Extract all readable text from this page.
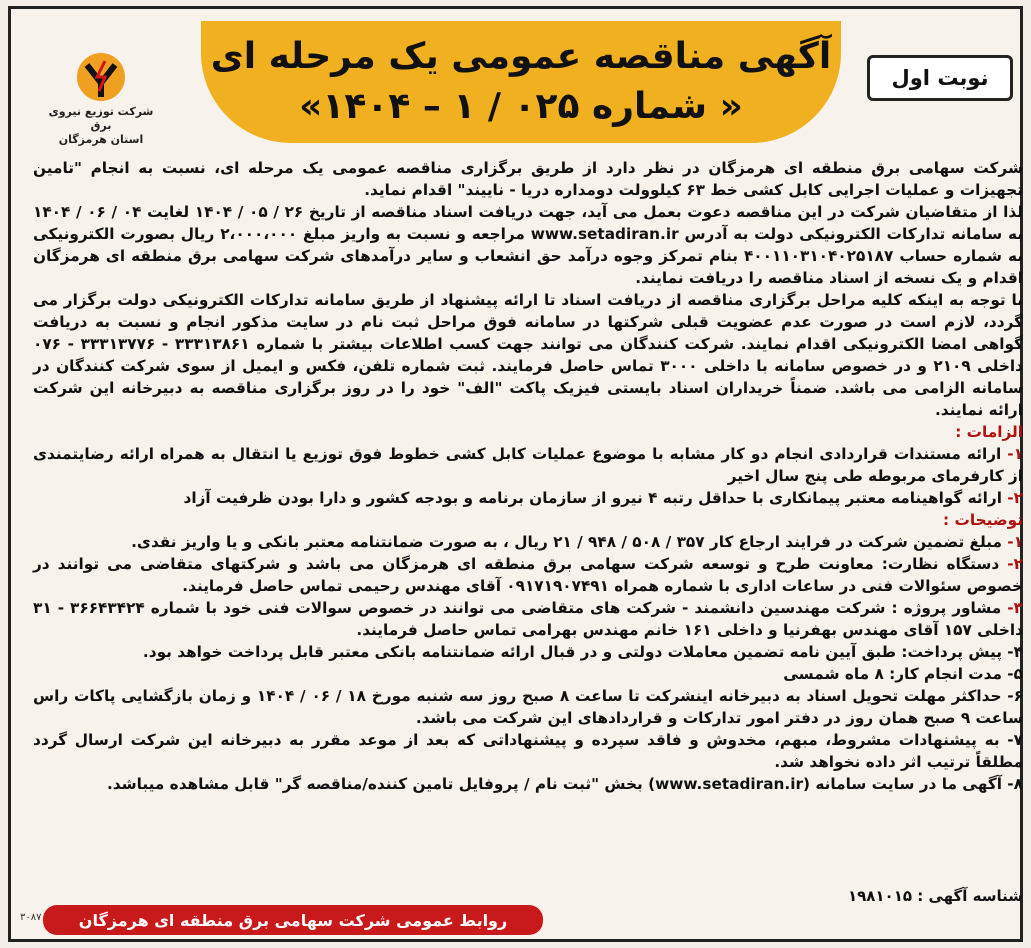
آگهی مناقصه عمومی یک مرحله ای
« شماره ۰۲۵ / ۱ – ۱۴۰۴»
نوبت اول
شرکت توزیع نیروی برق
استان هرمزگان

شرکت سهامی برق منطقه ای هرمزگان در نظر دارد از طریق برگزاری مناقصه عمومی یک مرحله ای، نسبت به انجام "تامین تجهیزات و عملیات اجرایی کابل کشی خط ۶۳ کیلوولت دومداره دریا - ناییند" اقدام نماید.

لذا از متقاضیان شرکت در این مناقصه دعوت بعمل می آید، جهت دریافت اسناد مناقصه از تاریخ ۲۶ / ۰۵ / ۱۴۰۴ لغایت ۰۴ / ۰۶ / ۱۴۰۴ به سامانه تدارکات الکترونیکی دولت به آدرس www.setadiran.ir مراجعه و نسبت به واریز مبلغ ۲،۰۰۰،۰۰۰ ریال بصورت الکترونیکی به شماره حساب ۴۰۰۱۱۰۳۱۰۴۰۲۵۱۸۷ بنام تمرکز وجوه درآمد حق انشعاب و سایر درآمدهای شرکت سهامی برق منطقه ای هرمزگان اقدام و یک نسخه از اسناد مناقصه را دریافت نمایند.

با توجه به اینکه کلیه مراحل برگزاری مناقصه از دریافت اسناد تا ارائه پیشنهاد از طریق سامانه تدارکات الکترونیکی دولت برگزار می گردد، لازم است در صورت عدم عضویت قبلی شرکتها در سامانه فوق مراحل ثبت نام در سایت مذکور انجام و نسبت به دریافت گواهی امضا الکترونیکی اقدام نمایند. شرکت کنندگان می توانند جهت کسب اطلاعات بیشتر با شماره ۳۳۳۱۳۸۶۱ - ۳۳۳۱۳۷۷۶ - ۰۷۶ داخلی ۲۱۰۹ و در خصوص سامانه با داخلی ۳۰۰۰ تماس حاصل فرمایند. ثبت شماره تلفن، فکس و ایمیل از سوی شرکت کنندگان در سامانه الزامی می باشد. ضمناً خریداران اسناد بایستی فیزیک پاکت "الف" خود را در روز برگزاری مناقصه به دبیرخانه این شرکت ارائه نمایند.

الزامات :

۱- ارائه مستندات قراردادی انجام دو کار مشابه با موضوع عملیات کابل کشی خطوط فوق توزیع یا انتقال به همراه ارائه رضایتمندی از کارفرمای مربوطه طی پنج سال اخیر

۲- ارائه گواهینامه معتبر پیمانکاری با حداقل رتبه ۴ نیرو از سازمان برنامه و بودجه کشور و دارا بودن ظرفیت آزاد

توضیحات :

۱- مبلغ تضمین شرکت در فرایند ارجاع کار ۳۵۷ / ۵۰۸ / ۹۴۸ / ۲۱ ریال ، به صورت ضمانتنامه معتبر بانکی و یا واریز نقدی.

۲- دستگاه نظارت: معاونت طرح و توسعه شرکت سهامی برق منطقه ای هرمزگان می باشد و شرکتهای متقاضی می توانند در خصوص سئوالات فنی در ساعات اداری با شماره همراه ۰۹۱۷۱۹۰۷۴۹۱ آقای مهندس رحیمی تماس حاصل فرمایند.

۳- مشاور پروژه : شرکت مهندسین دانشمند - شرکت های متقاضی می توانند در خصوص سوالات فنی خود با شماره ۳۶۶۴۳۴۲۴ - ۳۱ داخلی ۱۵۷ آقای مهندس بهفرنیا و داخلی ۱۶۱ خانم مهندس بهرامی تماس حاصل فرمایند.

۴- پیش پرداخت: طبق آیین نامه تضمین معاملات دولتی و در قبال ارائه ضمانتنامه بانکی معتبر قابل پرداخت خواهد بود.

۵- مدت انجام کار: ۸ ماه شمسی

۶- حداکثر مهلت تحویل اسناد به دبیرخانه اینشرکت تا ساعت ۸ صبح روز سه شنبه مورخ ۱۸ / ۰۶ / ۱۴۰۴ و زمان بازگشایی پاکات راس ساعت ۹ صبح همان روز در دفتر امور تدارکات و قراردادهای این شرکت می باشد.

۷- به پیشنهادات مشروط، مبهم، مخدوش و فاقد سپرده و پیشنهاداتی که بعد از موعد مقرر به دبیرخانه این شرکت ارسال گردد مطلقاً ترتیب اثر داده نخواهد شد.

۸- آگهی ما در سایت سامانه (www.setadiran.ir) بخش "ثبت نام / پروفایل تامین کننده/مناقصه گر" قابل مشاهده میباشد.

شناسه آگهی : ۱۹۸۱۰۱۵
روابط عمومی شرکت سهامی برق منطقه ای هرمزگان
۳۰۸۷
